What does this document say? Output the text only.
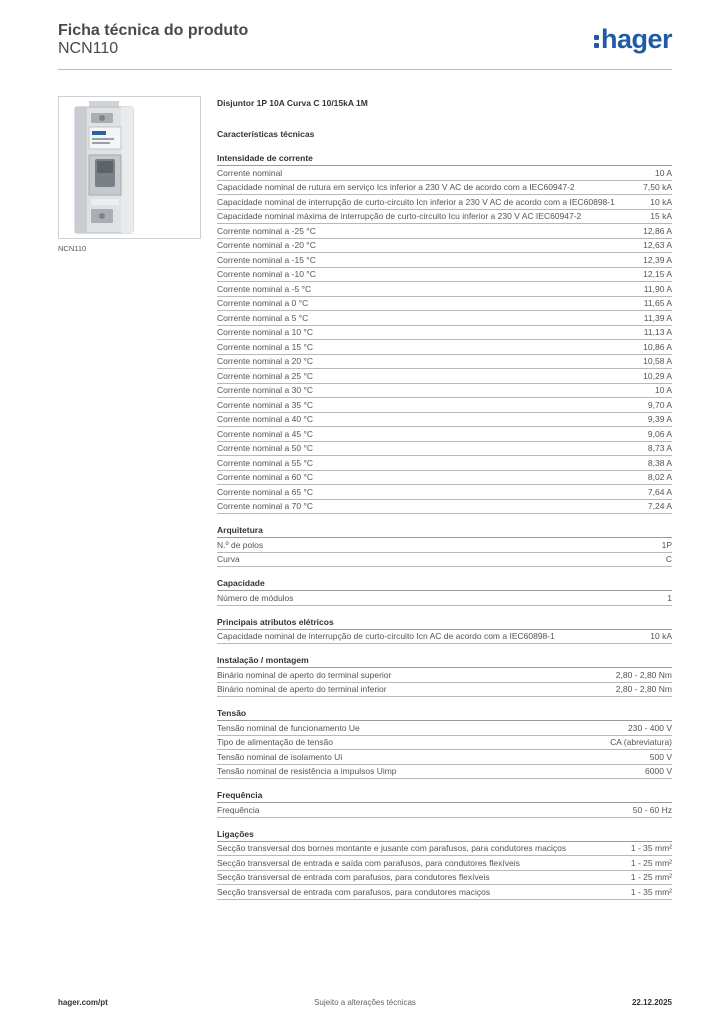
Ficha técnica do produto
NCN110	hager
NCN110
Disjuntor 1P 10A Curva C 10/15kA 1M
Características técnicas
Intensidade de corrente
Corrente nominal	10 A
Capacidade nominal de rutura em serviço Ics inferior a 230 V AC de acordo com a IEC60947-2	7,50 kA
Capacidade nominal de interrupção de curto-circuito Icn inferior a 230 V AC de acordo com a IEC60898-1	10 kA
Capacidade nominal máxima de interrupção de curto-circuito Icu inferior a 230 V AC IEC60947-2	15 kA
Corrente nominal a -25 °C	12,86 A
Corrente nominal a -20 °C	12,63 A
Corrente nominal a -15 °C	12,39 A
Corrente nominal a -10 °C	12,15 A
Corrente nominal a -5 °C	11,90 A
Corrente nominal a 0 °C	11,65 A
Corrente nominal a 5 °C	11,39 A
Corrente nominal a 10 °C	11,13 A
Corrente nominal a 15 °C	10,86 A
Corrente nominal a 20 °C	10,58 A
Corrente nominal a 25 °C	10,29 A
Corrente nominal a 30 °C	10 A
Corrente nominal a 35 °C	9,70 A
Corrente nominal a 40 °C	9,39 A
Corrente nominal a 45 °C	9,06 A
Corrente nominal a 50 °C	8,73 A
Corrente nominal a 55 °C	8,38 A
Corrente nominal a 60 °C	8,02 A
Corrente nominal a 65 °C	7,64 A
Corrente nominal a 70 °C	7,24 A
Arquitetura
N.º de polos	1P
Curva	C
Capacidade
Número de módulos	1
Principais atributos elétricos
Capacidade nominal de interrupção de curto-circuito Icn AC de acordo com a IEC60898-1	10 kA
Instalação / montagem
Binário nominal de aperto do terminal superior	2,80 - 2,80 Nm
Binário nominal de aperto do terminal inferior	2,80 - 2,80 Nm
Tensão
Tensão nominal de funcionamento Ue	230 - 400 V
Tipo de alimentação de tensão	CA (abreviatura)
Tensão nominal de isolamento Ui	500 V
Tensão nominal de resistência a impulsos Uimp	6000 V
Frequência
Frequência	50 - 60 Hz
Ligações
Secção transversal dos bornes montante e jusante com parafusos, para condutores maciços	1 - 35 mm²
Secção transversal de entrada e saída com parafusos, para condutores flexíveis	1 - 25 mm²
Secção transversal de entrada com parafusos, para condutores flexíveis	1 - 25 mm²
Secção transversal de entrada com parafusos, para condutores maciços	1 - 35 mm²
hager.com/pt	Sujeito a alterações técnicas	22.12.2025
